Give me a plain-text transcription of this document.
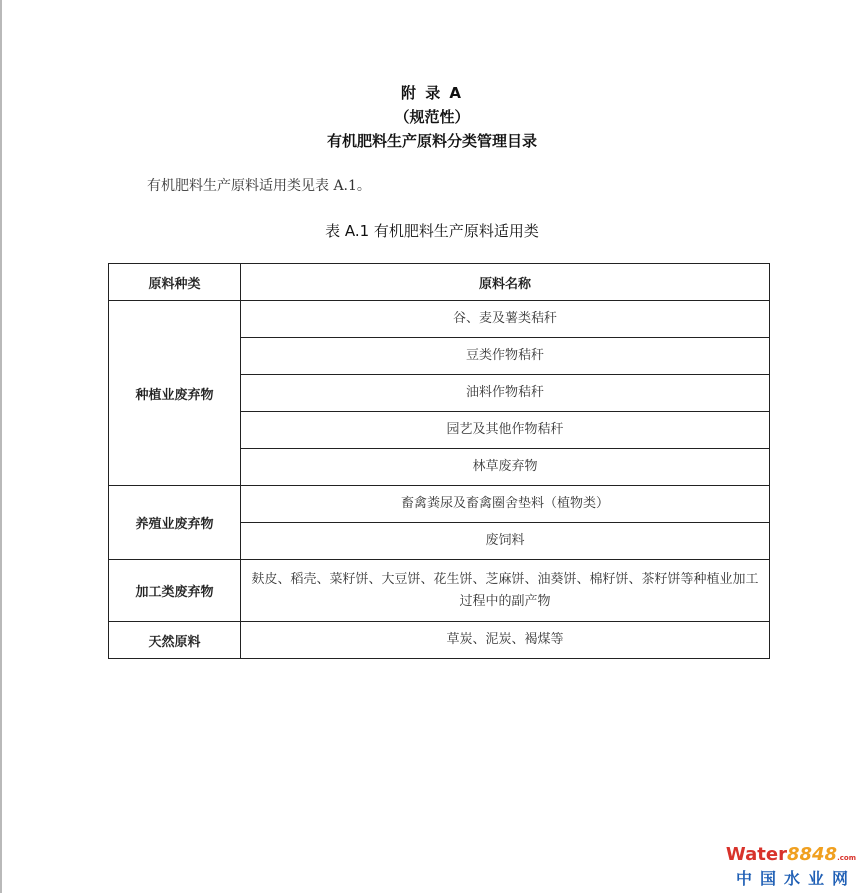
附 录 A
（规范性）
有机肥料生产原料分类管理目录
有机肥料生产原料适用类见表 A.1。
表 A.1 有机肥料生产原料适用类
原料种类	原料名称
种植业废弃物	谷、麦及薯类秸秆
	豆类作物秸秆
	油料作物秸秆
	园艺及其他作物秸秆
	林草废弃物
养殖业废弃物	畜禽粪尿及畜禽圈舍垫料（植物类）
	废饲料
加工类废弃物	麸皮、稻壳、菜籽饼、大豆饼、花生饼、芝麻饼、油葵饼、棉籽饼、茶籽饼等种植业加工过程中的副产物
天然原料	草炭、泥炭、褐煤等
Water8848.com
中国水业网
